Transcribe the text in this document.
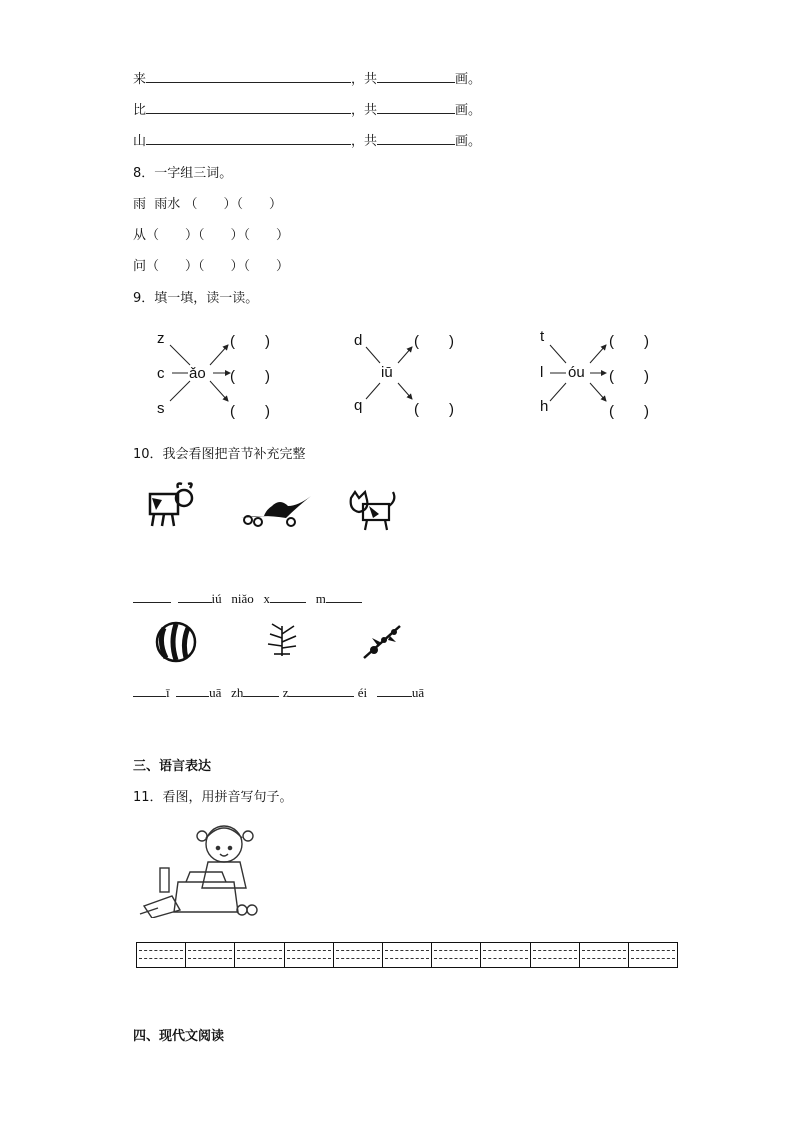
来	，共	画。
比	，共	画。
山	，共	画。
8．一字组三词。
雨 雨水 （　　）（　　）
从（　　）（　　）（　　）
问（　　）（　　）（　　）
9．填一填，读一读。
z
c
s
ǎo
(　　)
(　　)
(　　)
d
q
iū
(　　)
(　　)
t
l
h
óu
(　　)
(　　)
(　　)
10．我会看图把音节补充完整
iú niǎo x	m
ī	uā zh	z	éi	uā
三、语言表达
11．看图，用拼音写句子。
四、现代文阅读
